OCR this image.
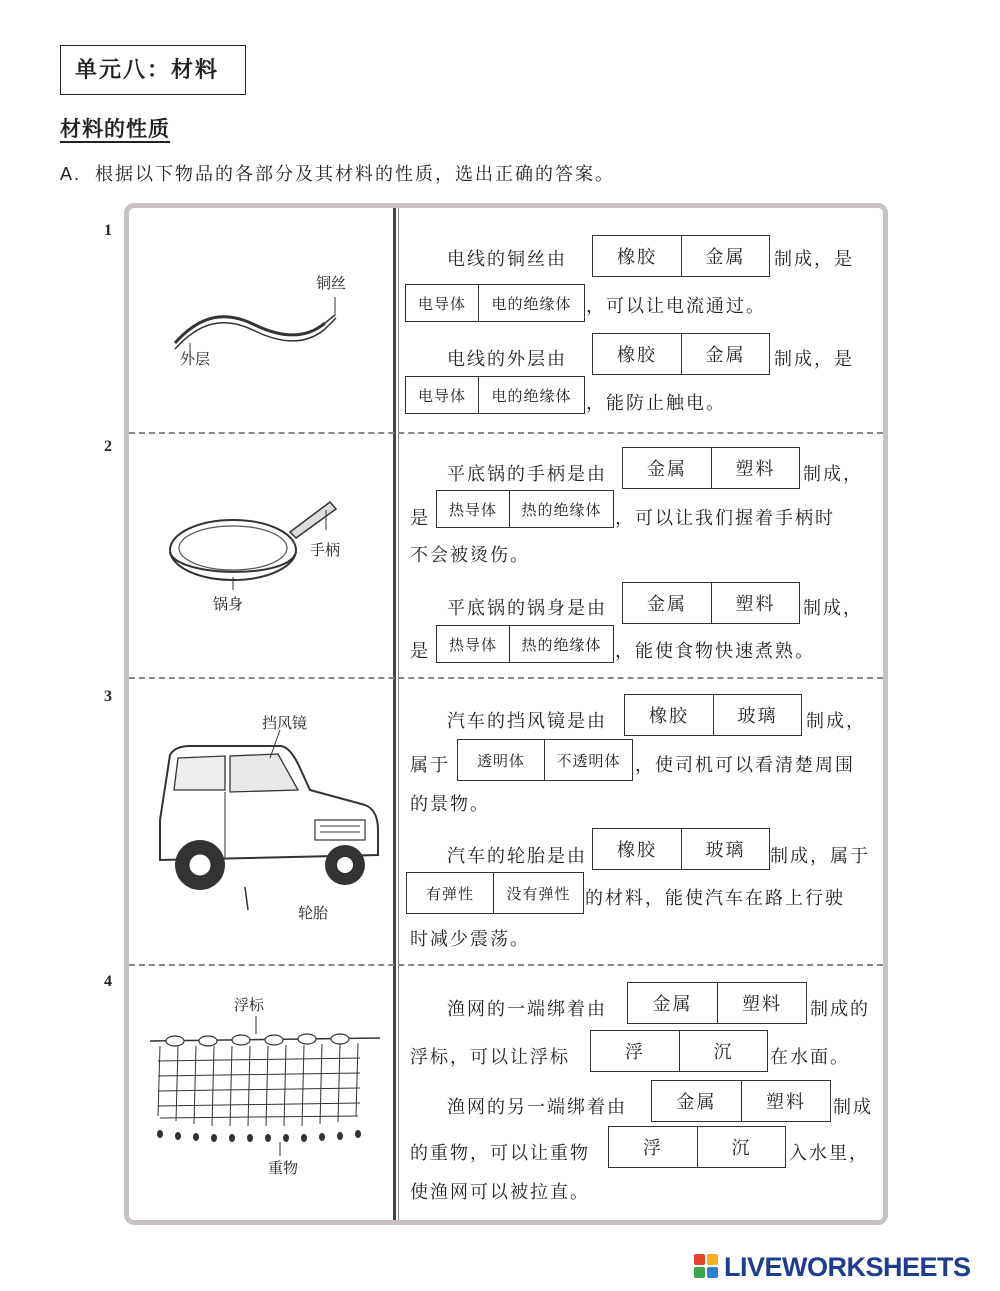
单元八：材料
材料的性质
A. 根据以下物品的各部分及其材料的性质，选出正确的答案。
1
2
3
4
铜丝
外层
手柄
锅身
挡风镜
轮胎
浮标
重物
电线的铜丝由	橡胶	金属	制成，是
电导体	电的绝缘体 ，可以让电流通过。
电线的外层由	橡胶	金属	制成，是
电导体	电的绝缘体 ，能防止触电。
平底锅的手柄是由	金属	塑料	制成，
是	热导体	热的绝缘体 ，可以让我们握着手柄时
不会被烫伤。
平底锅的锅身是由	金属	塑料	制成，
是	热导体	热的绝缘体 ，能使食物快速煮熟。
汽车的挡风镜是由	橡胶	玻璃	制成，
属于	透明体	不透明体 ，使司机可以看清楚周围
的景物。
汽车的轮胎是由	橡胶	玻璃	制成，属于
有弹性	没有弹性 的材料，能使汽车在路上行驶
时减少震荡。
渔网的一端绑着由	金属	塑料	制成的
浮标，可以让浮标	浮	沉	在水面。
渔网的另一端绑着由	金属	塑料	制成
的重物，可以让重物	浮	沉	入水里，
使渔网可以被拉直。
LIVEWORKSHEETS
